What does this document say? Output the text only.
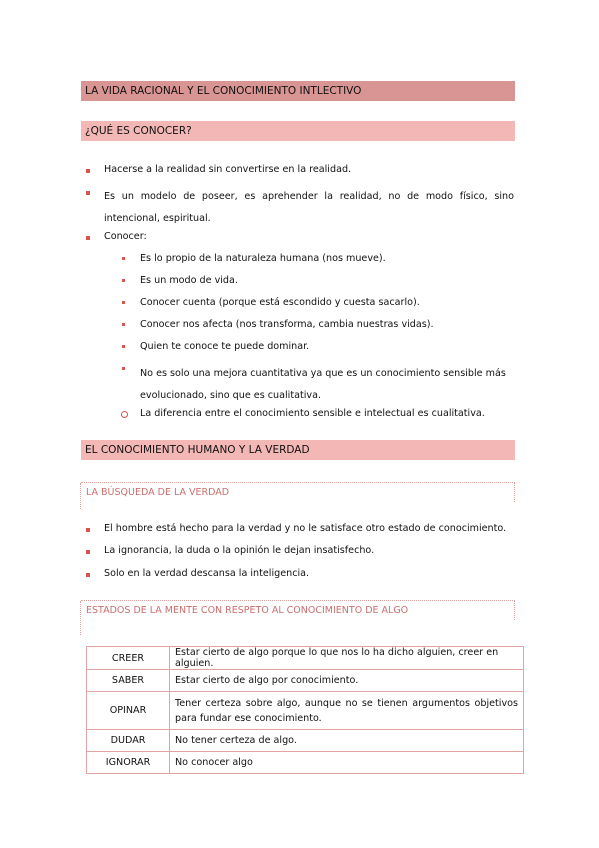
LA VIDA RACIONAL Y EL CONOCIMIENTO INTLECTIVO
¿QUÉ ES CONOCER?
Hacerse a la realidad sin convertirse en la realidad.
Es un modelo de poseer, es aprehender la realidad, no de modo físico, sino intencional, espiritual.
Conocer:
Es lo propio de la naturaleza humana (nos mueve).
Es un modo de vida.
Conocer cuenta (porque está escondido y cuesta sacarlo).
Conocer nos afecta (nos transforma, cambia nuestras vidas).
Quien te conoce te puede dominar.
No es solo una mejora cuantitativa ya que es un conocimiento sensible más evolucionado, sino que es cualitativa.
La diferencia entre el conocimiento sensible e intelectual es cualitativa.
EL CONOCIMIENTO HUMANO Y LA VERDAD
LA BÚSQUEDA DE LA VERDAD
El hombre está hecho para la verdad y no le satisface otro estado de conocimiento.
La ignorancia, la duda o la opinión le dejan insatisfecho.
Solo en la verdad descansa la inteligencia.
ESTADOS DE LA MENTE CON RESPETO AL CONOCIMIENTO DE ALGO
CREER	Estar cierto de algo porque lo que nos lo ha dicho alguien, creer en alguien.
SABER	Estar cierto de algo por conocimiento.
OPINAR	Tener certeza sobre algo, aunque no se tienen argumentos objetivos para fundar ese conocimiento.
DUDAR	No tener certeza de algo.
IGNORAR	No conocer algo
